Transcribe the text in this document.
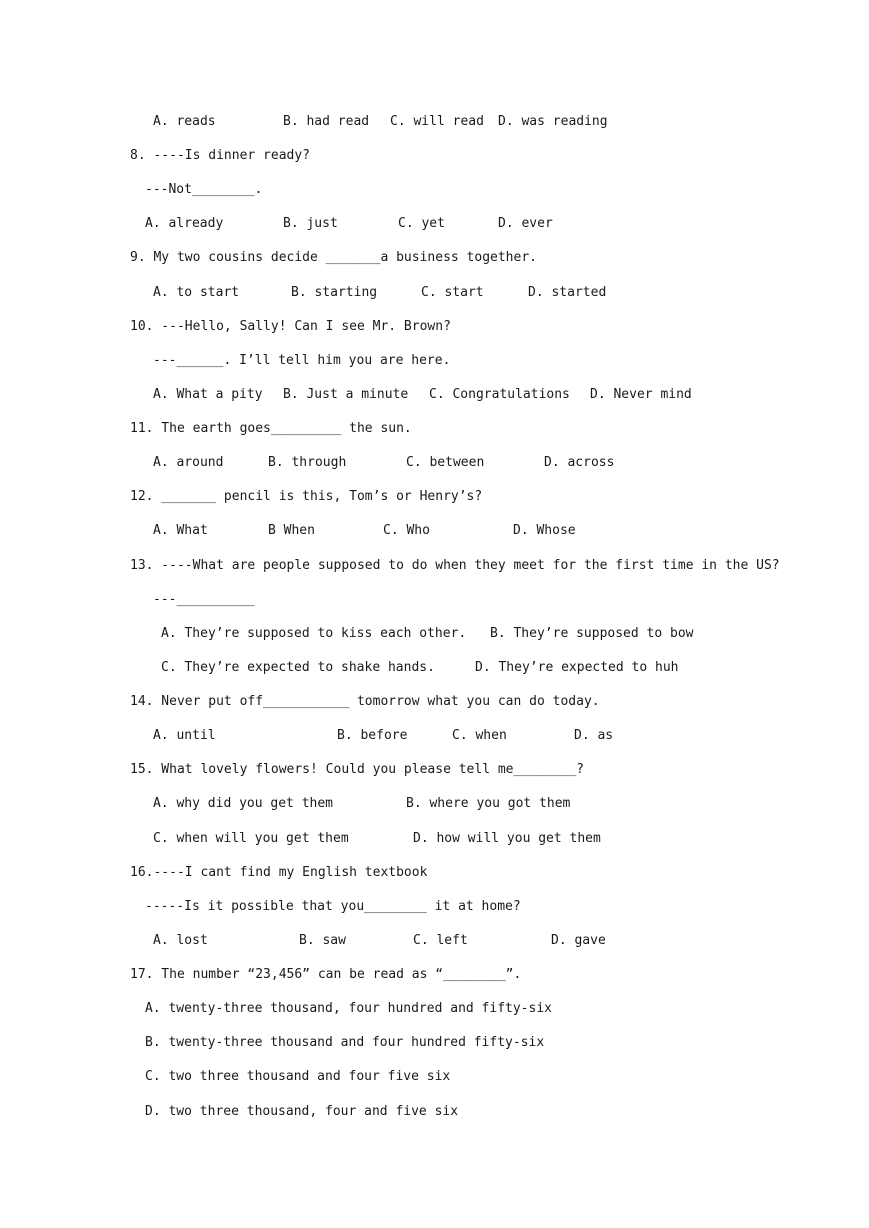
A. reads

	B. had read

C. will read

D. was reading

8. ----Is dinner ready?

---Not________.

A. already

	B. just

	C. yet

	D. ever

9. My two cousins decide _______a business together.

A. to start

	B. starting

	C. start

	D. started

10. ---Hello, Sally! Can I see Mr. Brown?

---______. I’ll tell him you are here.

A. What a pity

B. Just a minute

C. Congratulations

D. Never mind

11. The earth goes_________ the sun.

A. around

	B. through

	C. between

	D. across

12. _______ pencil is this, Tom’s or Henry’s?

A. What

	B When

	C. Who

	D. Whose

13. ----What are people supposed to do when they meet for the first time in the US?

---__________

A. They’re supposed to kiss each other.

B. They’re supposed to bow

C. They’re expected to shake hands.

	D. They’re expected to huh

14. Never put off___________ tomorrow what you can do today.

A. until

	B. before

	C. when

	D. as

15. What lovely flowers! Could you please tell me________?

A. why did you get them

	B. where you got them

C. when will you get them

	D. how will you get them

16.----I cant find my English textbook

-----Is it possible that you________ it at home?

A. lost

	B. saw

	C. left

	D. gave

17. The number “23,456” can be read as “________”.

A. twenty-three thousand, four hundred and fifty-six

B. twenty-three thousand and four hundred fifty-six

C. two three thousand and four five six

D. two three thousand, four and five six
